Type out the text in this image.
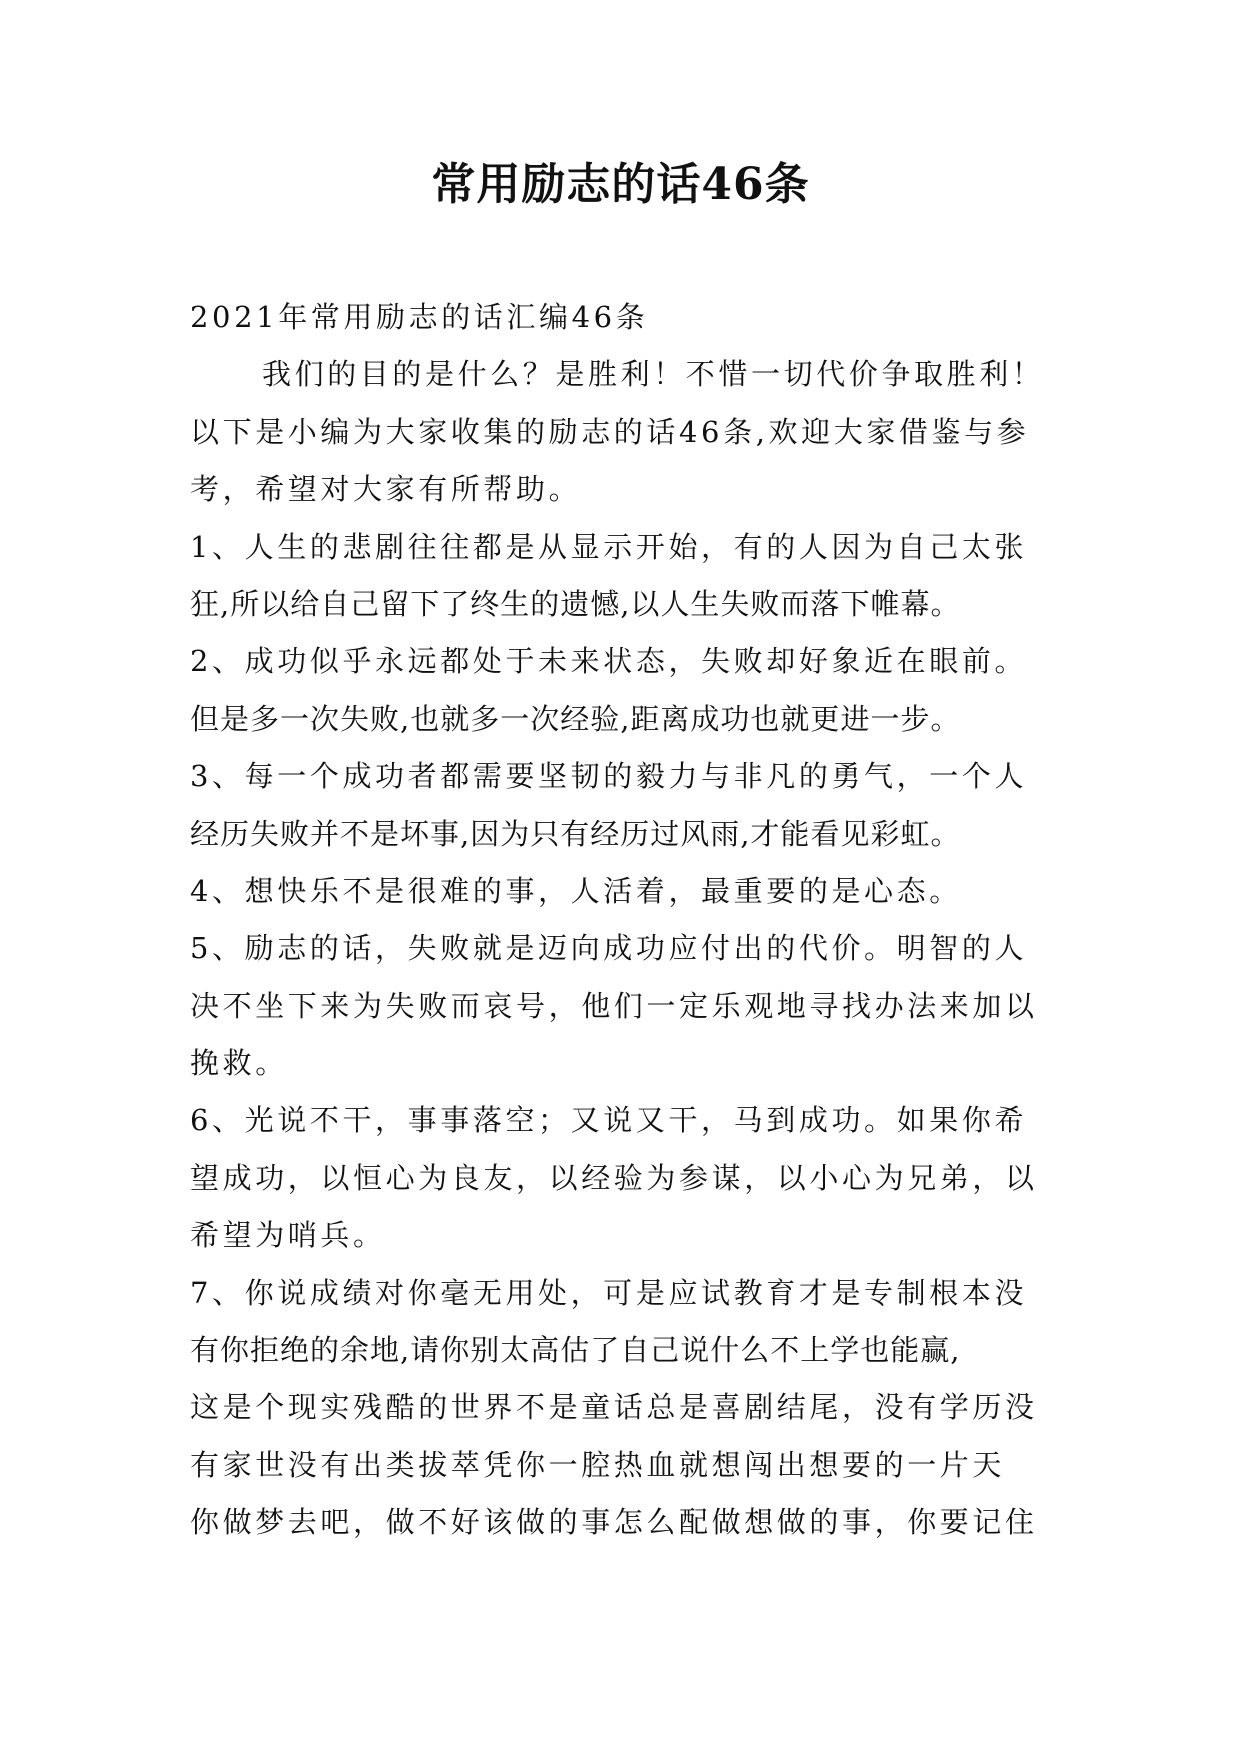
常用励志的话46条
2021年常用励志的话汇编46条
我们的目的是什么？是胜利！不惜一切代价争取胜利！
以下是小编为大家收集的励志的话46条,欢迎大家借鉴与参
考，希望对大家有所帮助。
1、人生的悲剧往往都是从显示开始，有的人因为自己太张
狂,所以给自己留下了终生的遗憾,以人生失败而落下帷幕。
2、成功似乎永远都处于未来状态，失败却好象近在眼前。
但是多一次失败,也就多一次经验,距离成功也就更进一步。
3、每一个成功者都需要坚韧的毅力与非凡的勇气，一个人
经历失败并不是坏事,因为只有经历过风雨,才能看见彩虹。
4、想快乐不是很难的事，人活着，最重要的是心态。
5、励志的话，失败就是迈向成功应付出的代价。明智的人
决不坐下来为失败而哀号，他们一定乐观地寻找办法来加以
挽救。
6、光说不干，事事落空；又说又干，马到成功。如果你希
望成功，以恒心为良友，以经验为参谋，以小心为兄弟，以
希望为哨兵。
7、你说成绩对你毫无用处，可是应试教育才是专制根本没
有你拒绝的余地,请你别太高估了自己说什么不上学也能赢,
这是个现实残酷的世界不是童话总是喜剧结尾，没有学历没
有家世没有出类拔萃凭你一腔热血就想闯出想要的一片天
你做梦去吧，做不好该做的事怎么配做想做的事，你要记住
